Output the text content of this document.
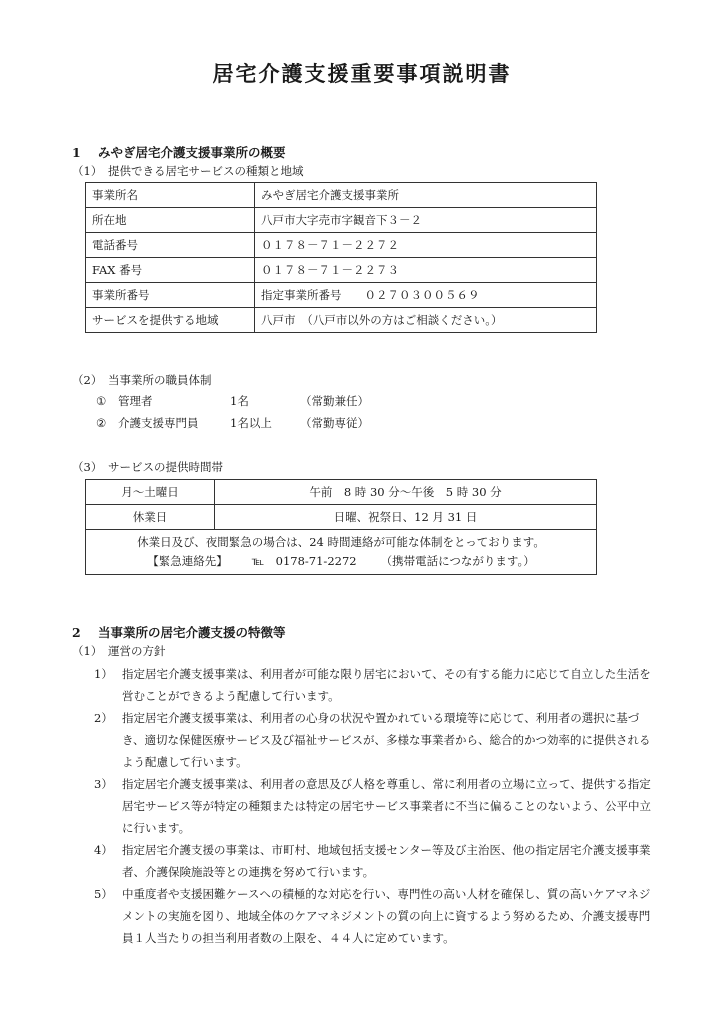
居宅介護支援重要事項説明書
1 みやぎ居宅介護支援事業所の概要
（1） 提供できる居宅サービスの種類と地域
事業所名	みやぎ居宅介護支援事業所
所在地	八戸市大字売市字観音下３－２
電話番号	０１７８－７１－２２７２
FAX 番号	０１７８－７１－２２７３
事業所番号	指定事業所番号　　０２７０３００５６９
サービスを提供する地域	八戸市　（八戸市以外の方はご相談ください。）
（2） 当事業所の職員体制
① 管理者	1名	（常勤兼任）
② 介護支援専門員	1名以上 （常勤専従）
（3） サービスの提供時間帯
月～土曜日	午前　8 時 30 分～午後　5 時 30 分
休業日	日曜、祝祭日、12 月 31 日

休業日及び、夜間緊急の場合は、24 時間連絡が可能な体制をとっております。
【緊急連絡先】 ℡　0178-71-2272 （携帯電話につながります。）	
2 当事業所の居宅介護支援の特徴等
（1） 運営の方針
1） 指定居宅介護支援事業は、利用者が可能な限り居宅において、その有する能力に応じて自立した生活を営むことができるよう配慮して行います。
2） 指定居宅介護支援事業は、利用者の心身の状況や置かれている環境等に応じて、利用者の選択に基づき、適切な保健医療サービス及び福祉サービスが、多様な事業者から、総合的かつ効率的に提供されるよう配慮して行います。
3） 指定居宅介護支援事業は、利用者の意思及び人格を尊重し、常に利用者の立場に立って、提供する指定居宅サービス等が特定の種類または特定の居宅サービス事業者に不当に偏ることのないよう、公平中立に行います。
4） 指定居宅介護支援の事業は、市町村、地域包括支援センター等及び主治医、他の指定居宅介護支援事業者、介護保険施設等との連携を努めて行います。
5） 中重度者や支援困難ケースへの積極的な対応を行い、専門性の高い人材を確保し、質の高いケアマネジメントの実施を図り、地域全体のケアマネジメントの質の向上に資するよう努めるため、介護支援専門員１人当たりの担当利用者数の上限を、４４人に定めています。
